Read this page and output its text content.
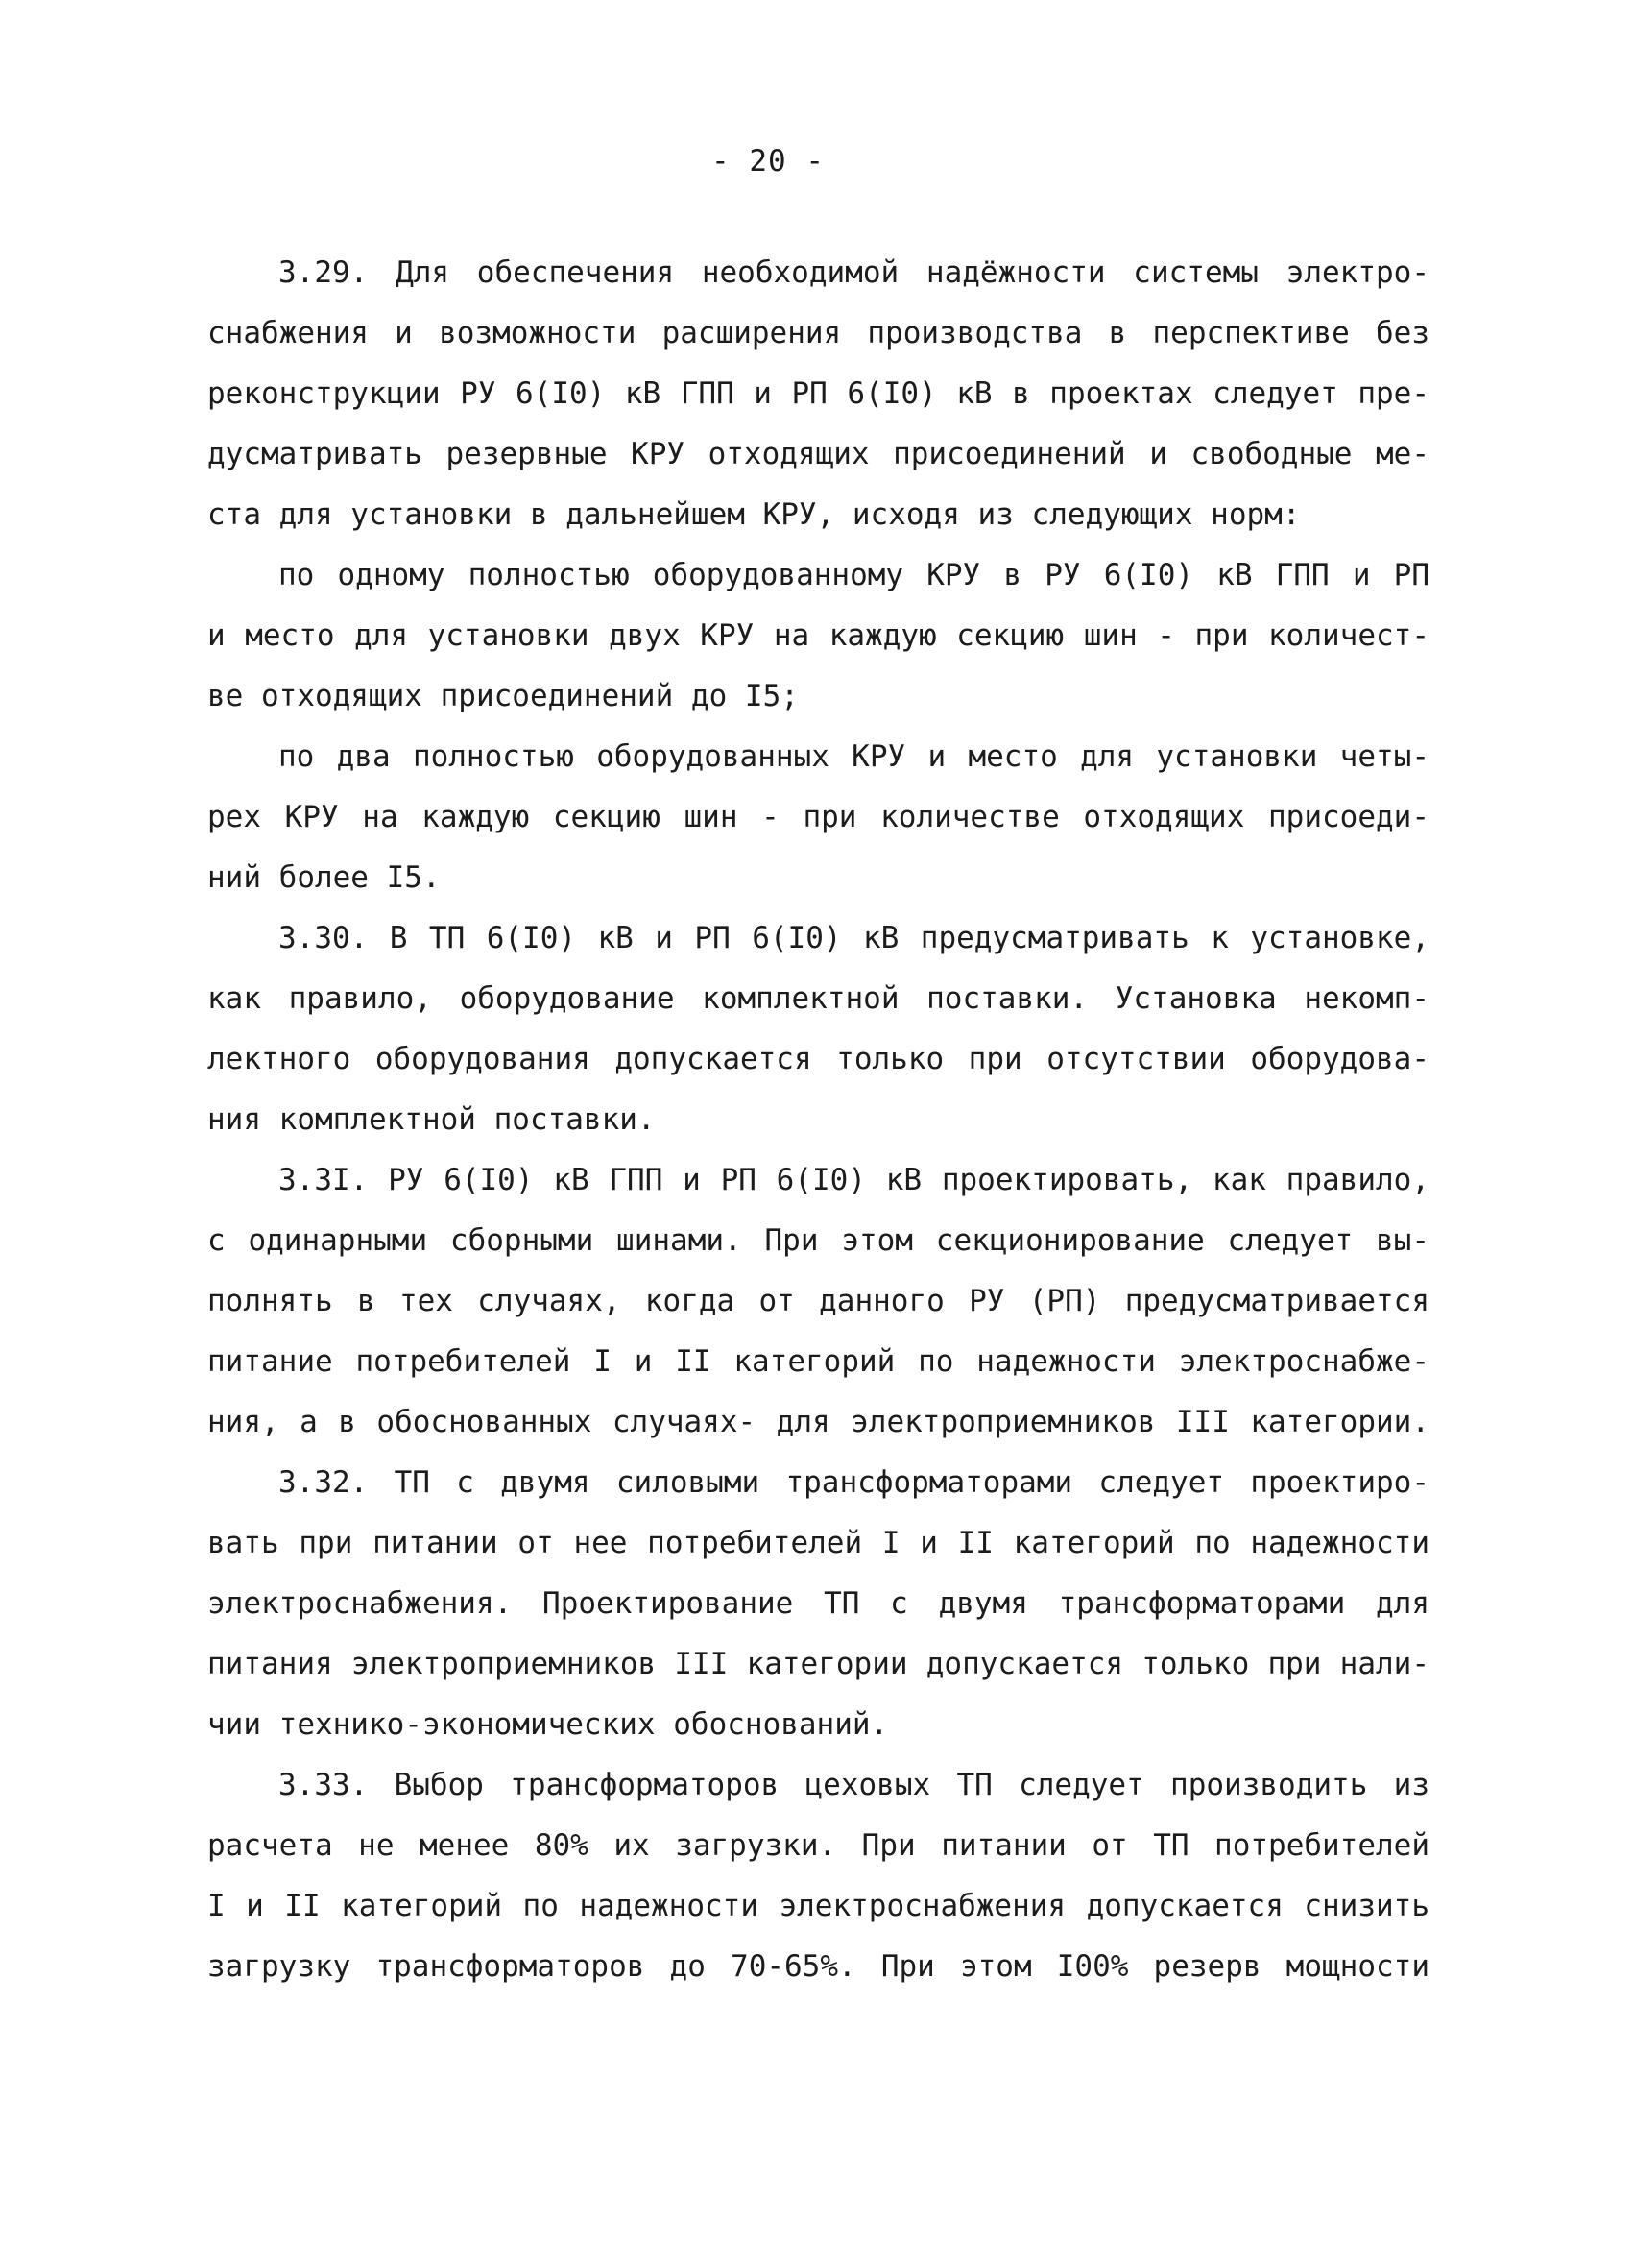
- 20 -
3.29. Для обеспечения необходимой надёжности системы электро-
снабжения и возможности расширения производства в перспективе без
реконструкции РУ 6(I0) кВ ГПП и РП 6(I0) кВ в проектах следует пре-
дусматривать резервные КРУ отходящих присоединений и свободные ме-
ста для установки в дальнейшем КРУ, исходя из следующих норм:
по одному полностью оборудованному КРУ в РУ 6(I0) кВ ГПП и РП
и место для установки двух КРУ на каждую секцию шин - при количест-
ве отходящих присоединений до I5;
по два полностью оборудованных КРУ и место для установки четы-
рех КРУ на каждую секцию шин - при количестве отходящих присоеди-
ний более I5.
3.30. В ТП 6(I0) кВ и РП 6(I0) кВ предусматривать к установке,
как правило, оборудование комплектной поставки. Установка некомп-
лектного оборудования допускается только при отсутствии оборудова-
ния комплектной поставки.
3.3I. РУ 6(I0) кВ ГПП и РП 6(I0) кВ проектировать, как правило,
с одинарными сборными шинами. При этом секционирование следует вы-
полнять в тех случаях, когда от данного РУ (РП) предусматривается
питание потребителей I и II категорий по надежности электроснабже-
ния, а в обоснованных случаях- для электроприемников III категории.
3.32. ТП с двумя силовыми трансформаторами следует проектиро-
вать при питании от нее потребителей I и II категорий по надежности
электроснабжения. Проектирование ТП с двумя трансформаторами для
питания электроприемников III категории допускается только при нали-
чии технико-экономических обоснований.
3.33. Выбор трансформаторов цеховых ТП следует производить из
расчета не менее 80% их загрузки. При питании от ТП потребителей
I и II категорий по надежности электроснабжения допускается снизить
загрузку трансформаторов до 70-65%. При этом I00% резерв мощности
